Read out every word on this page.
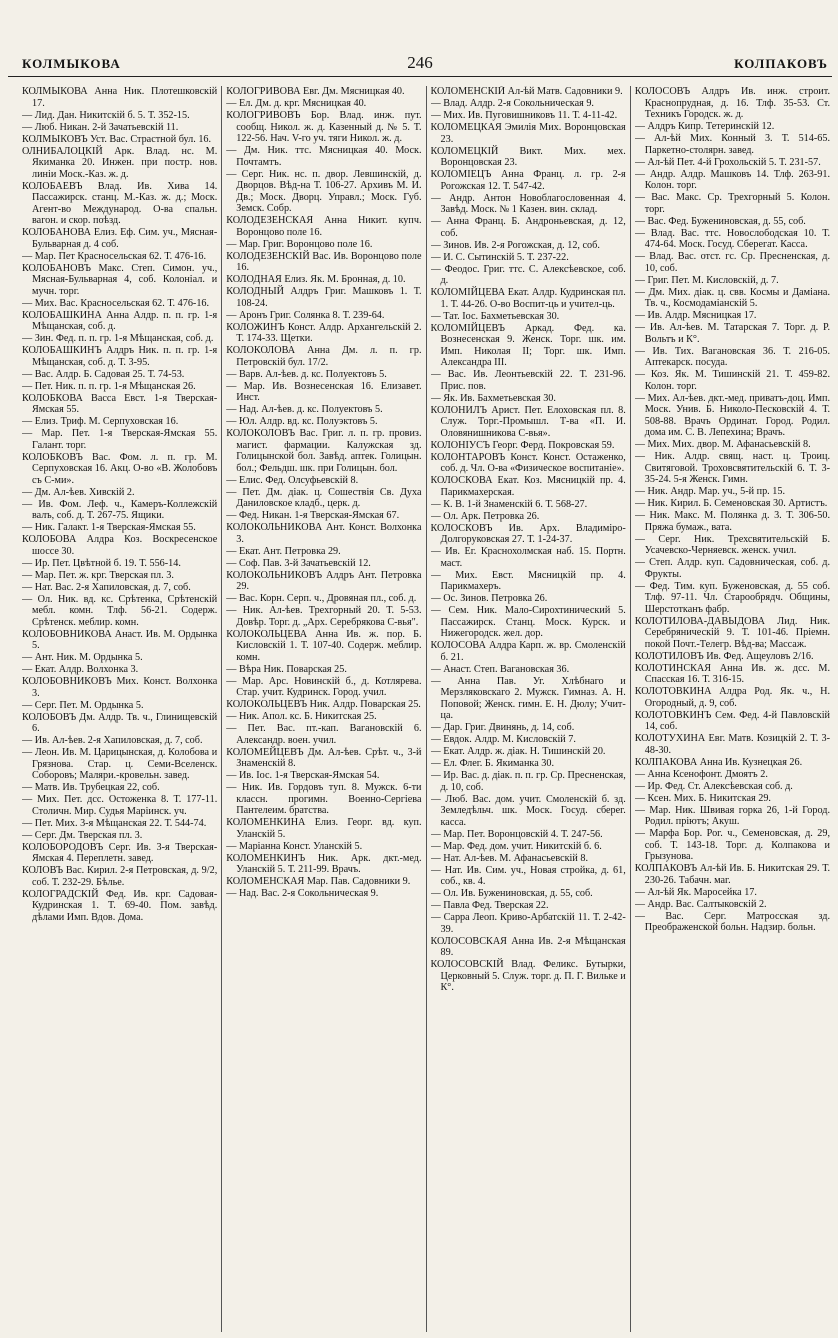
КОЛМЫКОВА	246	КОЛПАКОВЪ
КОЛМЫКОВА Анна Ник. Плотешковскій 17.
— Лид. Дан. Никитскій б. 5. Т. 352-15.
— Люб. Никан. 2-й Зачатьевскій 11.
КОЛМЫКОВЪ Уст. Вас. Страстной бул. 16.
ОЛНИБАЛОЦКІЙ Арк. Влад. нс. М. Якиманка 20. Инжен. при постр. нов. линіи Моск.-Каз. ж. д.
КОЛОБАЕВЪ Влад. Ив. Хива 14. Пассажирск. станц. М.-Каз. ж. д.; Моск. Агент-во Международ. О-ва спальн. вагон. и скор. поѣзд.
КОЛОБАНОВА Елиз. Еф. Сим. уч., Мясная-Бульварная д. 4 соб.
— Мар. Пет Красносельская 62. Т. 476-16.
КОЛОБАНОВЪ Макс. Степ. Симон. уч., Мясная-Бульварная 4, соб. Колоніал. и мучн. торг.
— Мих. Вас. Красносельская 62. Т. 476-16.
КОЛОБАШКИНА Анна Алдр. п. п. гр. 1-я Мѣщанская, соб. д.
— Зин. Фед. п. п. гр. 1-я Мѣщанская, соб. д.
КОЛОБАШКИНЪ Алдръ Ник. п. п. гр. 1-я Мѣщанская, соб. д. Т. 3-95.
— Вас. Алдр. Б. Садовая 25. Т. 74-53.
— Пет. Ник. п. п. гр. 1-я Мѣщанская 26.
КОЛОБКОВА Васса Евст. 1-я Тверская-Ямская 55.
— Елиз. Триф. М. Серпуховская 16.
— Мар. Пет. 1-я Тверская-Ямская 55. Галант. торг.
КОЛОБКОВЪ Вас. Фом. л. п. гр. М. Серпуховская 16. Акц. О-во «В. Жолобовъ съ С-ми».
— Дм. Ал-ѣев. Хивскій 2.
— Ив. Фом. Леф. ч., Камеръ-Коллежскій валъ, соб. д. Т. 267-75. Ящики.
— Ник. Галакт. 1-я Тверская-Ямская 55.
КОЛОБОВА Алдра Коз. Воскресенское шоссе 30.
— Ир. Пет. Цвѣтной б. 19. Т. 556-14.
— Мар. Пет. ж. крг. Тверская пл. 3.
— Нат. Вас. 2-я Хапиловская, д. 7, соб.
— Ол. Ник. вд. кс. Срѣтенка, Срѣтенскій мебл. комн. Тлф. 56-21. Содерж. Срѣтенск. меблир. комн.
КОЛОБОВНИКОВА Анаст. Ив. М. Ордынка 5.
— Ант. Ник. М. Ордынка 5.
— Екат. Алдр. Волхонка 3.
КОЛОБОВНИКОВЪ Мих. Конст. Волхонка 3.
— Серг. Пет. М. Ордынка 5.
КОЛОБОВЪ Дм. Алдр. Тв. ч., Глинищевскій 6.
— Ив. Ал-ѣев. 2-я Хапиловская, д. 7, соб.
— Леон. Ив. М. Царицынская, д. Колобова и Грязнова. Стар. ц. Семи-Вселенск. Соборовъ; Маляри.-кровельн. завед.
— Матв. Ив. Трубецкая 22, соб.
— Мих. Пет. дсс. Остоженка 8. Т. 177-11. Столичн. Мир. Судья Маріинск. уч.
— Пет. Мих. 3-я Мѣщанская 22. Т. 544-74.
— Серг. Дм. Тверская пл. 3.
КОЛОБОРОДОВЪ Серг. Ив. 3-я Тверская-Ямская 4. Переплетн. завед.
КОЛОВЪ Вас. Кирил. 2-я Петровская, д. 9/2, соб. Т. 232-29. Бѣлье.
КОЛОГРАДСКІЙ Фед. Ив. крг. Садовая-Кудринская 1. Т. 69-40. Пом. завѣд. дѣлами Имп. Вдов. Дома.
КОЛОГРИВОВА Евг. Дм. Мясницкая 40.
— Ел. Дм. д. крг. Мясницкая 40.
КОЛОГРИВОВЪ Бор. Влад. инж. пут. сообщ. Никол. ж. д. Казенный д. № 5. Т. 122-56. Нач. V-го уч. тяги Никол. ж. д.
— Дм. Ник. ттс. Мясницкая 40. Моск. Почтамтъ.
— Серг. Ник. нс. п. двор. Левшинскій, д. Дворцов. Вѣд-на Т. 106-27. Архивъ М. И. Дв.; Моск. Дворц. Управл.; Моск. Губ. Земск. Собр.
КОЛОДЕЗЕНСКАЯ Анна Никит. купч. Воронцово поле 16.
— Мар. Григ. Воронцово поле 16.
КОЛОДЕЗЕНСКІЙ Вас. Ив. Воронцово поле 16.
КОЛОДНАЯ Елиз. Як. М. Бронная, д. 10.
КОЛОДНЫЙ Алдръ Григ. Машковъ 1. Т. 108-24.
— Аронъ Григ. Солянка 8. Т. 239-64.
КОЛОЖИНЪ Конст. Алдр. Архангельскій 2. Т. 174-33. Щетки.
КОЛОКОЛОВА Анна Дм. л. п. гр. Петровскій бул. 17/2.
— Варв. Ал-ѣев. д. кс. Полуектовъ 5.
— Мар. Ив. Вознесенская 16. Елизавет. Инст.
— Над. Ал-ѣев. д. кс. Полуектовъ 5.
— Юл. Алдр. вд. кс. Полуэктовъ 5.
КОЛОКОЛОВЪ Вас. Григ. л. п. гр. провиз. магист. фармации. Калужская зд. Голицынской бол. Завѣд. аптек. Голицын. бол.; Фельдш. шк. при Голицын. бол.
— Елис. Фед. Олсуфьевскій 8.
— Пет. Дм. діак. ц. Сошествія Св. Духа Даниловское кладб., церк. д.
— Фед. Никан. 1-я Тверская-Ямская 67.
КОЛОКОЛЬНИКОВА Ант. Конст. Волхонка 3.
— Екат. Ант. Петровка 29.
— Соф. Пав. 3-й Зачатьевскій 12.
КОЛОКОЛЬНИКОВЪ Алдръ Ант. Петровка 29.
— Вас. Корн. Серп. ч., Дровяная пл., соб. д.
— Ник. Ал-ѣев. Трехгорный 20. Т. 5-53. Довѣр. Торг. д. „Арх. Серебрякова С-вья".
КОЛОКОЛЬЦЕВА Анна Ив. ж. пор. Б. Кисловскій 1. Т. 107-40. Содерж. меблир. комн.
— Вѣра Ник. Поварская 25.
— Мар. Арс. Новинскій б., д. Котлярева. Стар. учит. Кудринск. Город. учил.
КОЛОКОЛЬЦЕВЪ Ник. Алдр. Поварская 25.
— Ник. Апол. кс. Б. Никитская 25.
— Пет. Вас. пт.-кап. Вагановскій 6. Александр. воен. учил.
КОЛОМЕЙЦЕВЪ Дм. Ал-ѣев. Срѣт. ч., 3-й Знаменскій 8.
— Ив. Іос. 1-я Тверская-Ямская 54.
— Ник. Ив. Гордовъ туп. 8. Мужск. 6-ти классн. прогимн. Военно-Сергіева Пантелеим. братства.
КОЛОМЕНКИНА Елиз. Георг. вд. куп. Уланскій 5.
— Маріанна Конст. Уланскій 5.
КОЛОМЕНКИНЪ Ник. Арк. дкт.-мед. Уланскій 5. Т. 211-99. Врачъ.
КОЛОМЕНСКАЯ Мар. Пав. Садовники 9.
— Над. Вас. 2-я Сокольническая 9.
КОЛОМЕНСКІЙ Ал-ѣй Матв. Садовники 9.
— Влад. Алдр. 2-я Сокольническая 9.
— Мих. Ив. Пуговишниковъ 11. Т. 4-11-42.
КОЛОМЕЦКАЯ Эмилія Мих. Воронцовская 23.
КОЛОМЕЦКІЙ Викт. Мих. мех. Воронцовская 23.
КОЛОМІЕЦЪ Анна Франц. л. гр. 2-я Рогожская 12. Т. 547-42.
— Андр. Антон Новоблагословенная 4. Завѣд. Моск. № 1 Казен. вин. склад.
— Анна Франц. Б. Андроньевская, д. 12, соб.
— Зинов. Ив. 2-я Рогожская, д. 12, соб.
— И. С. Сытинскій 5. Т. 237-22.
— Феодос. Григ. ттс. С. Алексѣевское, соб. д.
КОЛОМІЙЦЕВА Екат. Алдр. Кудринская пл. 1. Т. 44-26. О-во Воспит-ць и учител-ць.
— Тат. Іос. Бахметьевская 30.
КОЛОМІЙЦЕВЪ Аркад. Фед. ка. Вознесенская 9. Женск. Торг. шк. им. Имп. Николая II; Торг. шк. Имп. Александра III.
— Вас. Ив. Леонтьевскій 22. Т. 231-96. Прис. пов.
— Як. Ив. Бахметьевская 30.
КОЛОНИЛЪ Арист. Пет. Елоховская пл. 8. Служ. Торг.-Промышл. Т-ва «П. И. Оловянишникова С-вья».
КОЛОНІУСЪ Георг. Ферд. Покровская 59.
КОЛОНТАРОВЪ Конст. Конст. Остаженко, соб. д. Чл. О-ва «Физическое воспитаніе».
КОЛОСКОВА Екат. Коз. Мясницкій пр. 4. Парикмахерская.
— К. В. 1-й Знаменскій 6. Т. 568-27.
— Ол. Арк. Петровка 26.
КОЛОСКОВЪ Ив. Арх. Владиміро-Долгоруковская 27. Т. 1-24-37.
— Ив. Ег. Краснохолмская наб. 15. Портн. маст.
— Мих. Евст. Мясницкій пр. 4. Парикмахеръ.
— Ос. Зинов. Петровка 26.
— Сем. Ник. Мало-Сирохтинический 5. Пассажирск. Станц. Моск. Курск. и Нижегородск. жел. дор.
КОЛОСОВА Алдра Карп. ж. вр. Смоленскій б. 21.
— Анаст. Степ. Вагановская 36.
— Анна Пав. Уг. Хлѣбнаго и Мерзляковскаго 2. Мужск. Гимназ. А. Н. Поповой; Женск. гимн. Е. Н. Дюлу; Учит-ца.
— Дар. Григ. Двинянь, д. 14, соб.
— Евдок. Алдр. М. Кисловскій 7.
— Екат. Алдр. ж. діак. Н. Тишинскій 20.
— Ел. Флег. Б. Якиманка 30.
— Ир. Вас. д. діак. п. п. гр. Ср. Пресненская, д. 10, соб.
— Люб. Вас. дом. учит. Смоленскій б. зд. Земледѣльч. шк. Моск. Госуд. сберег. касса.
— Мар. Пет. Воронцовскій 4. Т. 247-56.
— Мар. Фед. дом. учит. Никитскій б. 6.
— Нат. Ал-ѣев. М. Афанасьевскій 8.
— Нат. Ив. Сим. уч., Новая стройка, д. 61, соб., кв. 4.
— Ол. Ив. Бужениновская, д. 55, соб.
— Павла Фед. Тверская 22.
— Сарра Леоп. Криво-Арбатскій 11. Т. 2-42-39.
КОЛОСОВСКАЯ Анна Ив. 2-я Мѣщанская 89.
КОЛОСОВСКІЙ Влад. Феликс. Бутырки, Церковный 5. Служ. торг. д. П. Г. Вильке и К°.
КОЛОСОВЪ Алдръ Ив. инж. строит. Краснопрудная, д. 16. Тлф. 35-53. Ст. Техникъ Городск. ж. д.
— Алдръ Кипр. Тетеринскій 12.
— Ал-ѣй Мих. Конный 3. Т. 514-65. Паркетно-столярн. завед.
— Ал-ѣй Пет. 4-й Грохольскій 5. Т. 231-57.
— Андр. Алдр. Машковъ 14. Тлф. 263-91. Колон. торг.
— Вас. Макс. Ср. Трехгорный 5. Колон. торг.
— Вас. Фед. Бужениновская, д. 55, соб.
— Влад. Вас. ттс. Новослободская 10. Т. 474-64. Моск. Госуд. Сберегат. Касса.
— Влад. Вас. отст. гс. Ср. Пресненская, д. 10, соб.
— Григ. Пет. М. Кисловскій, д. 7.
— Дм. Мих. діак. ц. свв. Космы и Даміана. Тв. ч., Космодаміанскій 5.
— Ив. Алдр. Мясницкая 17.
— Ив. Ал-ѣев. М. Татарская 7. Торг. д. Р. Вольтъ и К°.
— Ив. Тих. Вагановская 36. Т. 216-05. Аптекарск. посуда.
— Коз. Як. М. Тишинскій 21. Т. 459-82. Колон. торг.
— Мих. Ал-ѣев. дкт.-мед. приватъ-доц. Имп. Моск. Унив. Б. Николо-Песковскій 4. Т. 508-88. Врачъ Ординат. Город. Родил. дома им. С. В. Лепехина; Врачъ.
— Мих. Мих. двор. М. Афанасьевскій 8.
— Ник. Алдр. свящ. наст. ц. Троиц. Свитяговой. Троховсвятительскій 6. Т. 3-35-24. 5-я Женск. Гимн.
— Ник. Андр. Мар. уч., 5-й пр. 15.
— Ник. Кирил. Б. Семеновская 30. Артистъ.
— Ник. Макс. М. Полянка д. 3. Т. 306-50. Пряжа бумаж., вата.
— Серг. Ник. Трехсвятительскій Б. Усачевско-Черняевск. женск. учил.
— Степ. Алдр. куп. Садовническая, соб. д. Фрукты.
— Фед. Тим. куп. Буженовская, д. 55 соб. Тлф. 97-11. Чл. Старообрядч. Общины, Шерстотканъ фабр.
КОЛОТИЛОВА-ДАВЫДОВА Лид. Ник. Серебряническій 9. Т. 101-46. Пріемн. покой Почт.-Телегр. Вѣд-ва; Массаж.
КОЛОТИЛОВЪ Ив. Фед. Ащеуловъ 2/16.
КОЛОТИНСКАЯ Анна Ив. ж. дсс. М. Спасская 16. Т. 316-15.
КОЛОТОВКИНА Алдра Род. Як. ч., Н. Огородный, д. 9, соб.
КОЛОТОВКИНЪ Сем. Фед. 4-й Павловскій 14, соб.
КОЛОТУХИНА Евг. Матв. Козицкій 2. Т. 3-48-30.
КОЛПАКОВА Анна Ив. Кузнецкая 26.
— Анна Ксенофонт. Дмоятъ 2.
— Ир. Фед. Ст. Алексѣевская соб. д.
— Ксен. Мих. Б. Никитская 29.
— Мар. Ник. Швивая горка 26, 1-й Город. Родил. пріютъ; Акуш.
— Марфа Бор. Рог. ч., Семеновская, д. 29, соб. Т. 143-18. Торг. д. Колпакова и Грызунова.
КОЛПАКОВЪ Ал-ѣй Ив. Б. Никитская 29. Т. 230-26. Табачн. маг.
— Ал-ѣй Як. Маросейка 17.
— Андр. Вас. Салтыковскій 2.
— Вас. Серг. Матросская зд. Преображенской больн. Надзир. больн.
